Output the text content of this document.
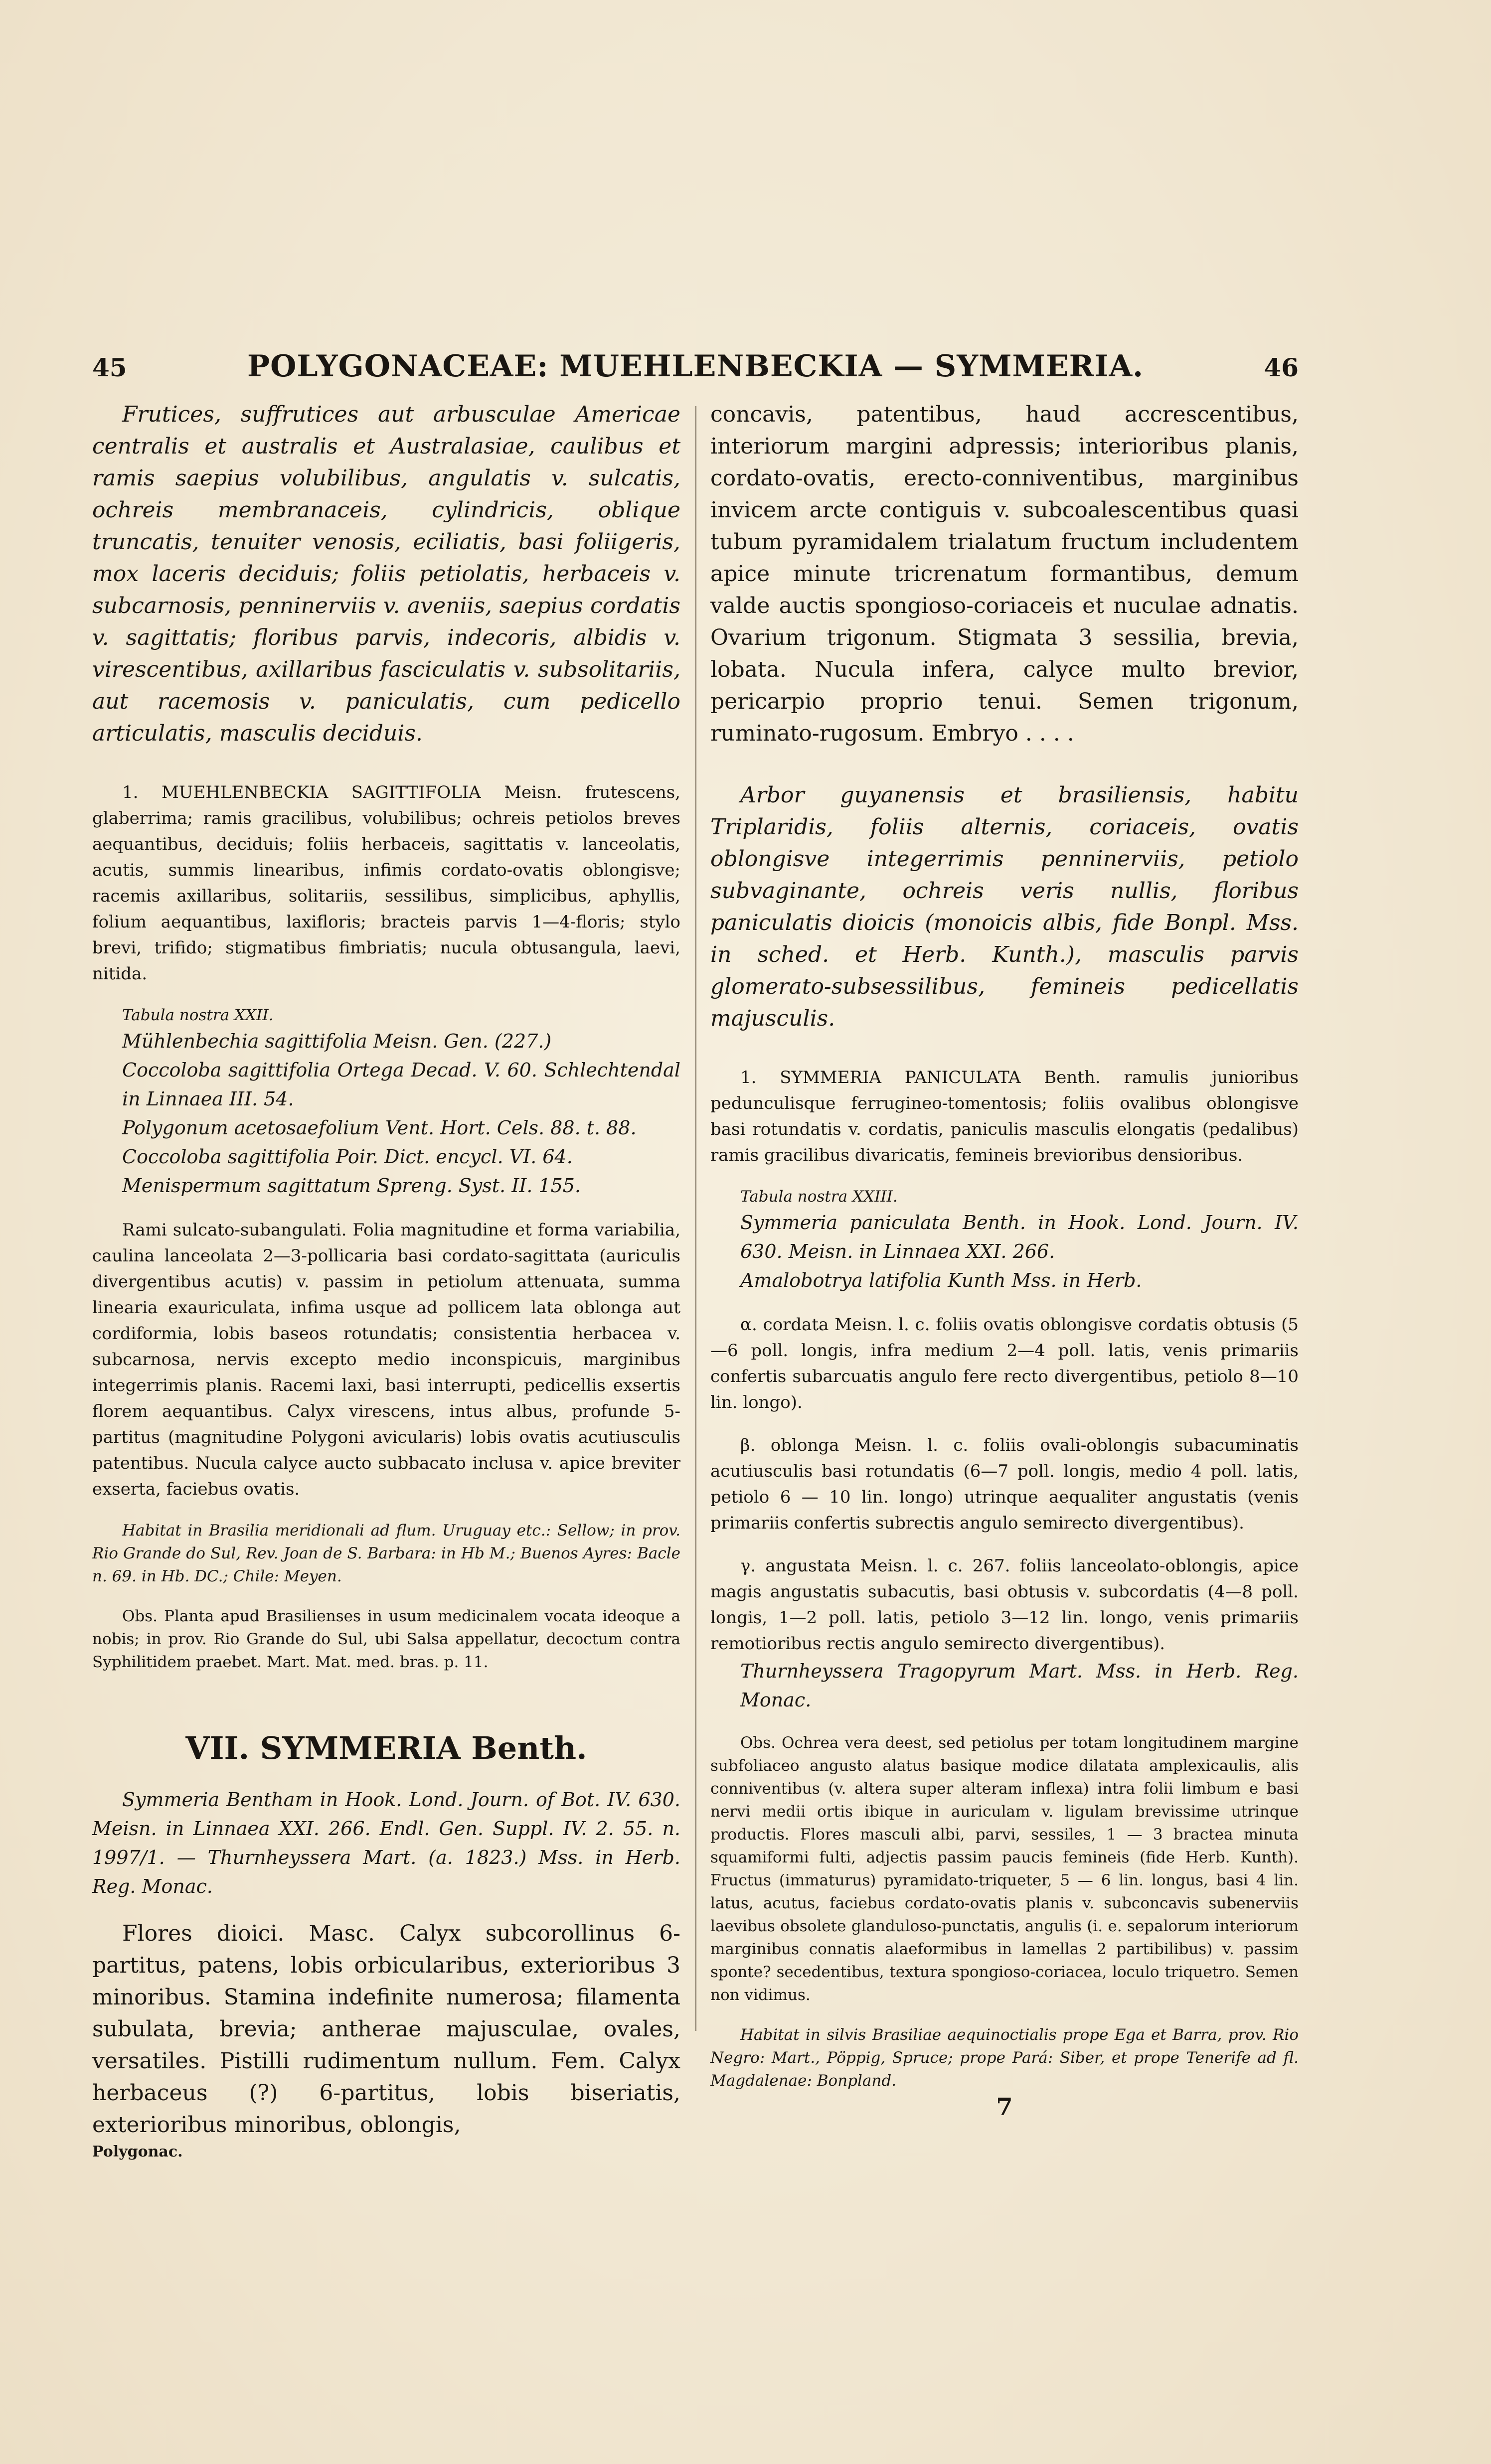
45	POLYGONACEAE: MUEHLENBECKIA — SYMMERIA.	46

Frutices, suffrutices aut arbusculae Americae centralis et australis et Australasiae, caulibus et ramis saepius volubilibus, angulatis v. sulcatis, ochreis membranaceis, cylindricis, oblique truncatis, tenuiter venosis, eciliatis, basi foliigeris, mox laceris deciduis; foliis petiolatis, herbaceis v. subcarnosis, penninerviis v. aveniis, saepius cordatis v. sagittatis; floribus parvis, indecoris, albidis v. virescentibus, axillaribus fasciculatis v. subsolitariis, aut racemosis v. paniculatis, cum pedicello articulatis, masculis deciduis.

1. MUEHLENBECKIA SAGITTIFOLIA Meisn. frutescens, glaberrima; ramis gracilibus, volubilibus; ochreis petiolos breves aequantibus, deciduis; foliis herbaceis, sagittatis v. lanceolatis, acutis, summis linearibus, infimis cordato-ovatis oblongisve; racemis axillaribus, solitariis, sessilibus, simplicibus, aphyllis, folium aequantibus, laxifloris; bracteis parvis 1—4-floris; stylo brevi, trifido; stigmatibus fimbriatis; nucula obtusangula, laevi, nitida.

Tabula nostra XXII.

Mühlenbechia sagittifolia Meisn. Gen. (227.)

Coccoloba sagittifolia Ortega Decad. V. 60. Schlechtendal in Linnaea III. 54.

Polygonum acetosaefolium Vent. Hort. Cels. 88. t. 88.

Coccoloba sagittifolia Poir. Dict. encycl. VI. 64.

Menispermum sagittatum Spreng. Syst. II. 155.

Rami sulcato-subangulati. Folia magnitudine et forma variabilia, caulina lanceolata 2—3-pollicaria basi cordato-sagittata (auriculis divergentibus acutis) v. passim in petiolum attenuata, summa linearia exauriculata, infima usque ad pollicem lata oblonga aut cordiformia, lobis baseos rotundatis; consistentia herbacea v. subcarnosa, nervis excepto medio inconspicuis, marginibus integerrimis planis. Racemi laxi, basi interrupti, pedicellis exsertis florem aequantibus. Calyx virescens, intus albus, profunde 5-partitus (magnitudine Polygoni avicularis) lobis ovatis acutiusculis patentibus. Nucula calyce aucto subbacato inclusa v. apice breviter exserta, faciebus ovatis.

Habitat in Brasilia meridionali ad flum. Uruguay etc.: Sellow; in prov. Rio Grande do Sul, Rev. Joan de S. Barbara: in Hb M.; Buenos Ayres: Bacle n. 69. in Hb. DC.; Chile: Meyen.

Obs. Planta apud Brasilienses in usum medicinalem vocata ideoque a nobis; in prov. Rio Grande do Sul, ubi Salsa appellatur, decoctum contra Syphilitidem praebet. Mart. Mat. med. bras. p. 11.

VII. SYMMERIA Benth.

Symmeria Bentham in Hook. Lond. Journ. of Bot. IV. 630. Meisn. in Linnaea XXI. 266. Endl. Gen. Suppl. IV. 2. 55. n. 1997/1. — Thurnheyssera Mart. (a. 1823.) Mss. in Herb. Reg. Monac.

Flores dioici. Masc. Calyx subcorollinus 6-partitus, patens, lobis orbicularibus, exterioribus 3 minoribus. Stamina indefinite numerosa; filamenta subulata, brevia; antherae majusculae, ovales, versatiles. Pistilli rudimentum nullum. Fem. Calyx herbaceus (?) 6-partitus, lobis biseriatis, exterioribus minoribus, oblongis,

Polygonac.

concavis, patentibus, haud accrescentibus, interiorum margini adpressis; interioribus planis, cordato-ovatis, erecto-conniventibus, marginibus invicem arcte contiguis v. subcoalescentibus quasi tubum pyramidalem trialatum fructum includentem apice minute tricrenatum formantibus, demum valde auctis spongioso-coriaceis et nuculae adnatis. Ovarium trigonum. Stigmata 3 sessilia, brevia, lobata. Nucula infera, calyce multo brevior, pericarpio proprio tenui. Semen trigonum, ruminato-rugosum. Embryo . . . .

Arbor guyanensis et brasiliensis, habitu Triplaridis, foliis alternis, coriaceis, ovatis oblongisve integerrimis penninerviis, petiolo subvaginante, ochreis veris nullis, floribus paniculatis dioicis (monoicis albis, fide Bonpl. Mss. in sched. et Herb. Kunth.), masculis parvis glomerato-subsessilibus, femineis pedicellatis majusculis.

1. SYMMERIA PANICULATA Benth. ramulis junioribus pedunculisque ferrugineo-tomentosis; foliis ovalibus oblongisve basi rotundatis v. cordatis, paniculis masculis elongatis (pedalibus) ramis gracilibus divaricatis, femineis brevioribus densioribus.

Tabula nostra XXIII.

Symmeria paniculata Benth. in Hook. Lond. Journ. IV. 630. Meisn. in Linnaea XXI. 266.

Amalobotrya latifolia Kunth Mss. in Herb.

α. cordata Meisn. l. c. foliis ovatis oblongisve cordatis obtusis (5—6 poll. longis, infra medium 2—4 poll. latis, venis primariis confertis subarcuatis angulo fere recto divergentibus, petiolo 8—10 lin. longo).

β. oblonga Meisn. l. c. foliis ovali-oblongis subacuminatis acutiusculis basi rotundatis (6—7 poll. longis, medio 4 poll. latis, petiolo 6 — 10 lin. longo) utrinque aequaliter angustatis (venis primariis confertis subrectis angulo semirecto divergentibus).

γ. angustata Meisn. l. c. 267. foliis lanceolato-oblongis, apice magis angustatis subacutis, basi obtusis v. subcordatis (4—8 poll. longis, 1—2 poll. latis, petiolo 3—12 lin. longo, venis primariis remotioribus rectis angulo semirecto divergentibus).

Thurnheyssera Tragopyrum Mart. Mss. in Herb. Reg. Monac.

Obs. Ochrea vera deest, sed petiolus per totam longitudinem margine subfoliaceo angusto alatus basique modice dilatata amplexicaulis, alis conniventibus (v. altera super alteram inflexa) intra folii limbum e basi nervi medii ortis ibique in auriculam v. ligulam brevissime utrinque productis. Flores masculi albi, parvi, sessiles, 1 — 3 bractea minuta squamiformi fulti, adjectis passim paucis femineis (fide Herb. Kunth). Fructus (immaturus) pyramidato-triqueter, 5 — 6 lin. longus, basi 4 lin. latus, acutus, faciebus cordato-ovatis planis v. subconcavis subenerviis laevibus obsolete glanduloso-punctatis, angulis (i. e. sepalorum interiorum marginibus connatis alaeformibus in lamellas 2 partibilibus) v. passim sponte? secedentibus, textura spongioso-coriacea, loculo triquetro. Semen non vidimus.

Habitat in silvis Brasiliae aequinoctialis prope Ega et Barra, prov. Rio Negro: Mart., Pöppig, Spruce; prope Pará: Siber, et prope Tenerife ad fl. Magdalenae: Bonpland.

7
